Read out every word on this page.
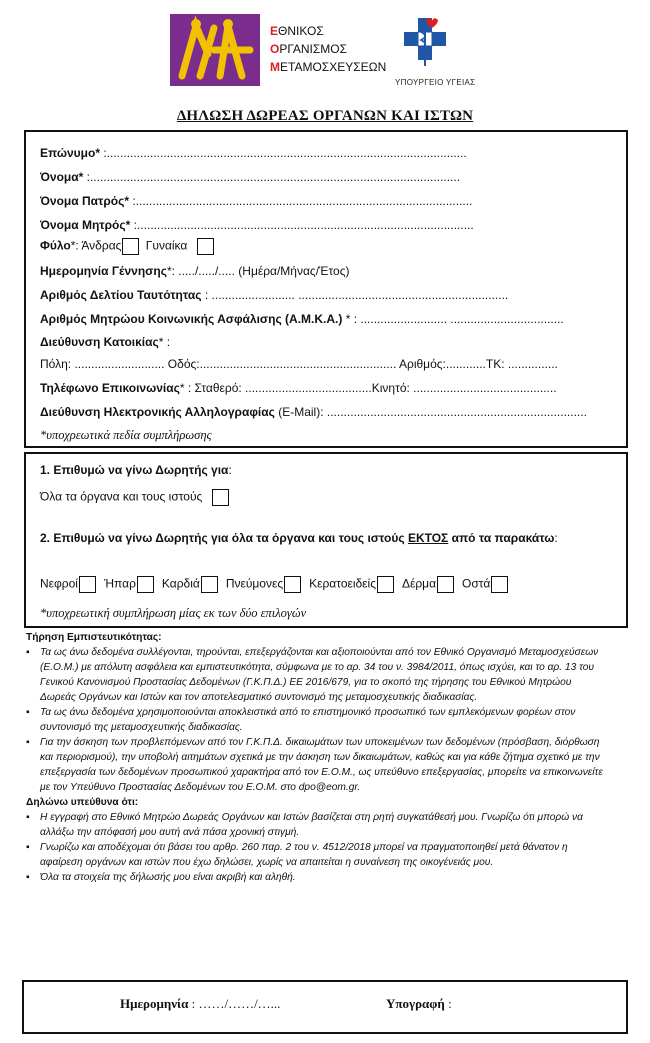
ΕΘΝΙΚΟΣ
ΟΡΓΑΝΙΣΜΟΣ
ΜΕΤΑΜΟΣΧΕΥΣΕΩΝ
ΥΠΟΥΡΓΕΙΟ ΥΓΕΙΑΣ
ΔΗΛΩΣΗ ΔΩΡΕΑΣ ΟΡΓΑΝΩΝ ΚΑΙ ΙΣΤΩΝ
Επώνυμο* :............................................................................................................
Όνομα* :...............................................................................................................
Όνομα Πατρός* :.....................................................................................................
Όνομα Μητρός* :.....................................................................................................
Φύλο*: Άνδρας Γυναίκα
Ημερομηνία Γέννησης*: ...../...../..... (Ημέρα/Μήνας/Έτος)
Αριθμός Δελτίου Ταυτότητας : ......................... ...............................................................
Αριθμός Μητρώου Κοινωνικής Ασφάλισης (Α.Μ.Κ.Α.) * : .......................... ..................................
Διεύθυνση Κατοικίας* :
Πόλη: ........................... Οδός:........................................................... Αριθμός:............ΤΚ: ...............
Τηλέφωνο Επικοινωνίας* : Σταθερό: ......................................Κινητό: ...........................................
Διεύθυνση Ηλεκτρονικής Αλληλογραφίας (E-Mail): ..............................................................................
*υποχρεωτικά πεδία συμπλήρωσης
1. Επιθυμώ να γίνω Δωρητής για:
Όλα τα όργανα και τους ιστούς
2. Επιθυμώ να γίνω Δωρητής για όλα τα όργανα και τους ιστούς ΕΚΤΟΣ από τα παρακάτω:
Νεφροί Ήπαρ Καρδιά Πνεύμονες Κερατοειδείς Δέρμα Οστά
*υποχρεωτική συμπλήρωση μίας εκ των δύο επιλογών
Τήρηση Εμπιστευτικότητας:
▪ Τα ως άνω δεδομένα συλλέγονται, τηρούνται, επεξεργάζονται και αξιοποιούνται από τον Εθνικό Οργανισμό Μεταμοσχεύσεων (Ε.Ο.Μ.) με απόλυτη ασφάλεια και εμπιστευτικότητα, σύμφωνα με το αρ. 34 του ν. 3984/2011, όπως ισχύει, και το αρ. 13 του Γενικού Κανονισμού Προστασίας Δεδομένων (Γ.Κ.Π.Δ.) ΕΕ 2016/679, για το σκοπό της τήρησης του Εθνικού Μητρώου Δωρεάς Οργάνων και Ιστών και τον αποτελεσματικό συντονισμό της μεταμοσχευτικής διαδικασίας.
▪ Τα ως άνω δεδομένα χρησιμοποιούνται αποκλειστικά από το επιστημονικό προσωπικό των εμπλεκόμενων φορέων στον συντονισμό της μεταμοσχευτικής διαδικασίας.
▪ Για την άσκηση των προβλεπόμενων από τον Γ.Κ.Π.Δ. δικαιωμάτων των υποκειμένων των δεδομένων (πρόσβαση, διόρθωση και περιορισμού), την υποβολή αιτημάτων σχετικά με την άσκηση των δικαιωμάτων, καθώς και για κάθε ζήτημα σχετικό με την επεξεργασία των δεδομένων προσωπικού χαρακτήρα από τον Ε.Ο.Μ., ως υπεύθυνο επεξεργασίας, μπορείτε να επικοινωνείτε με τον Υπεύθυνο Προστασίας Δεδομένων του Ε.Ο.Μ. στο dpo@eom.gr.
Δηλώνω υπεύθυνα ότι:
▪ Η εγγραφή στο Εθνικό Μητρώο Δωρεάς Οργάνων και Ιστών βασίζεται στη ρητή συγκατάθεσή μου. Γνωρίζω ότι μπορώ να αλλάξω την απόφασή μου αυτή ανά πάσα χρονική στιγμή.
▪ Γνωρίζω και αποδέχομαι ότι βάσει του αρθρ. 260 παρ. 2 του ν. 4512/2018 μπορεί να πραγματοποιηθεί μετά θάνατον η αφαίρεση οργάνων και ιστών που έχω δηλώσει, χωρίς να απαιτείται η συναίνεση της οικογένειάς μου.
▪ Όλα τα στοιχεία της δήλωσής μου είναι ακριβή και αληθή.
Ημερομηνία : ……/……/…...	Υπογραφή :
